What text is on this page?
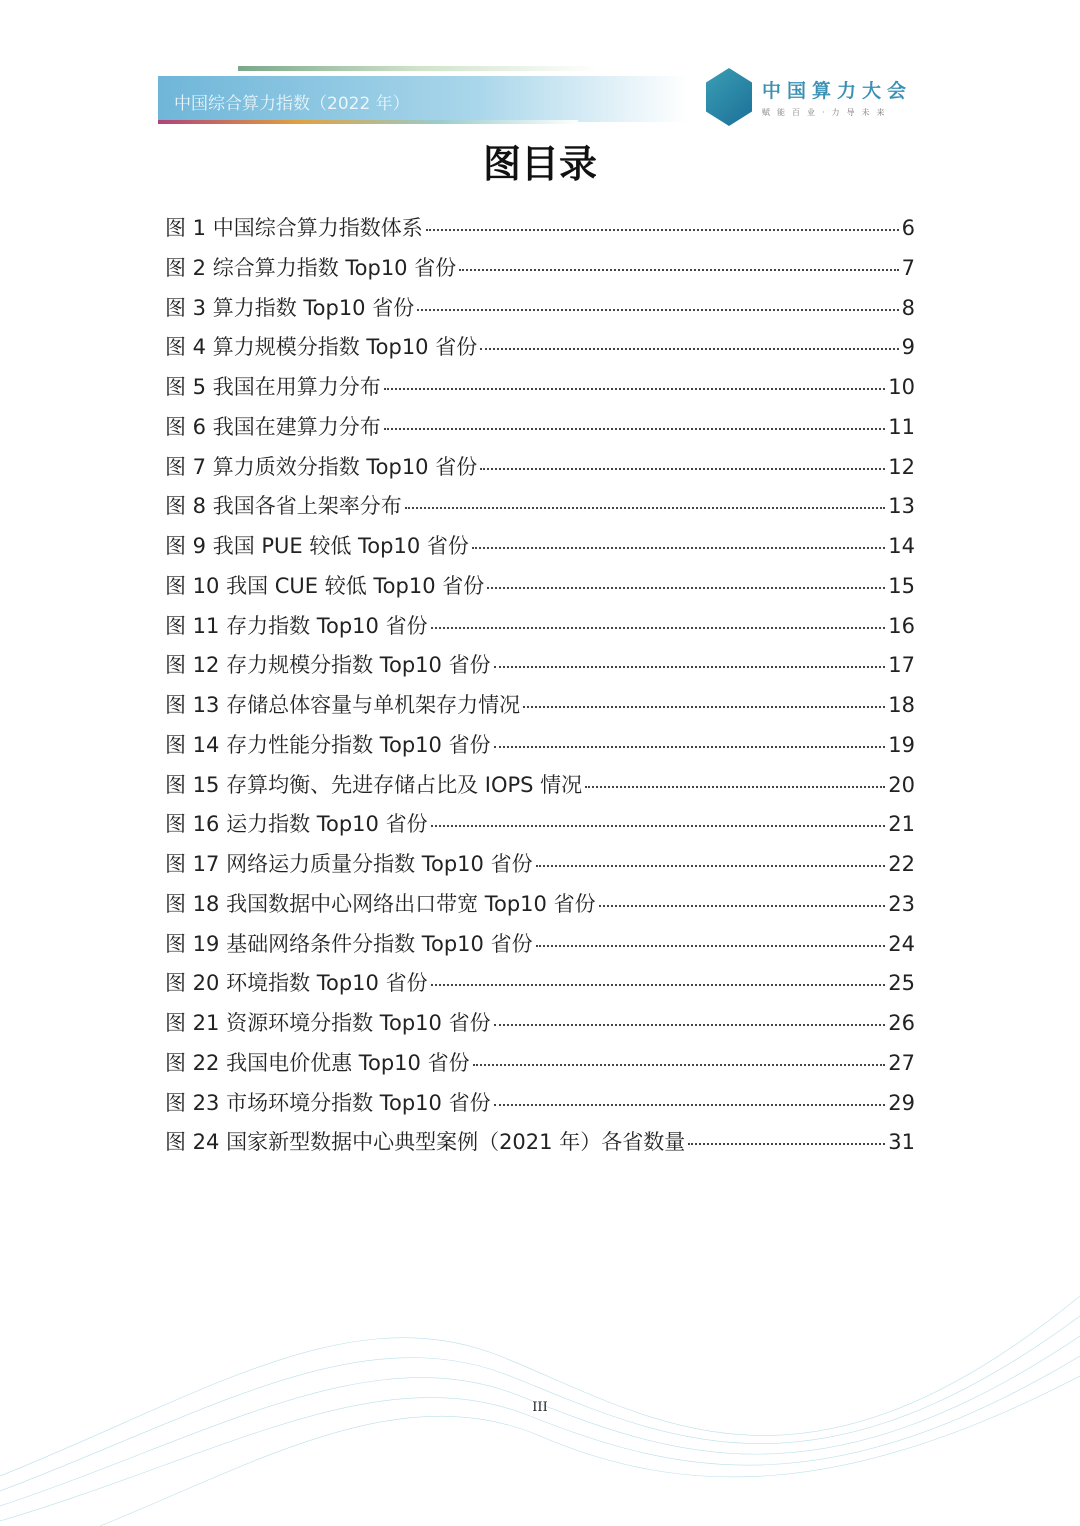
中国综合算力指数（2022 年）
中国算力大会
赋能百业·力导未来
图目录
图 1 中国综合算力指数体系	6
图 2 综合算力指数 Top10 省份	7
图 3 算力指数 Top10 省份	8
图 4 算力规模分指数 Top10 省份	9
图 5 我国在用算力分布	10
图 6 我国在建算力分布	11
图 7 算力质效分指数 Top10 省份	12
图 8 我国各省上架率分布	13
图 9 我国 PUE 较低 Top10 省份	14
图 10 我国 CUE 较低 Top10 省份	15
图 11 存力指数 Top10 省份	16
图 12 存力规模分指数 Top10 省份	17
图 13 存储总体容量与单机架存力情况	18
图 14 存力性能分指数 Top10 省份	19
图 15 存算均衡、先进存储占比及 IOPS 情况	20
图 16 运力指数 Top10 省份	21
图 17 网络运力质量分指数 Top10 省份	22
图 18 我国数据中心网络出口带宽 Top10 省份	23
图 19 基础网络条件分指数 Top10 省份	24
图 20 环境指数 Top10 省份	25
图 21 资源环境分指数 Top10 省份	26
图 22 我国电价优惠 Top10 省份	27
图 23 市场环境分指数 Top10 省份	29
图 24 国家新型数据中心典型案例（2021 年）各省数量	31
III
